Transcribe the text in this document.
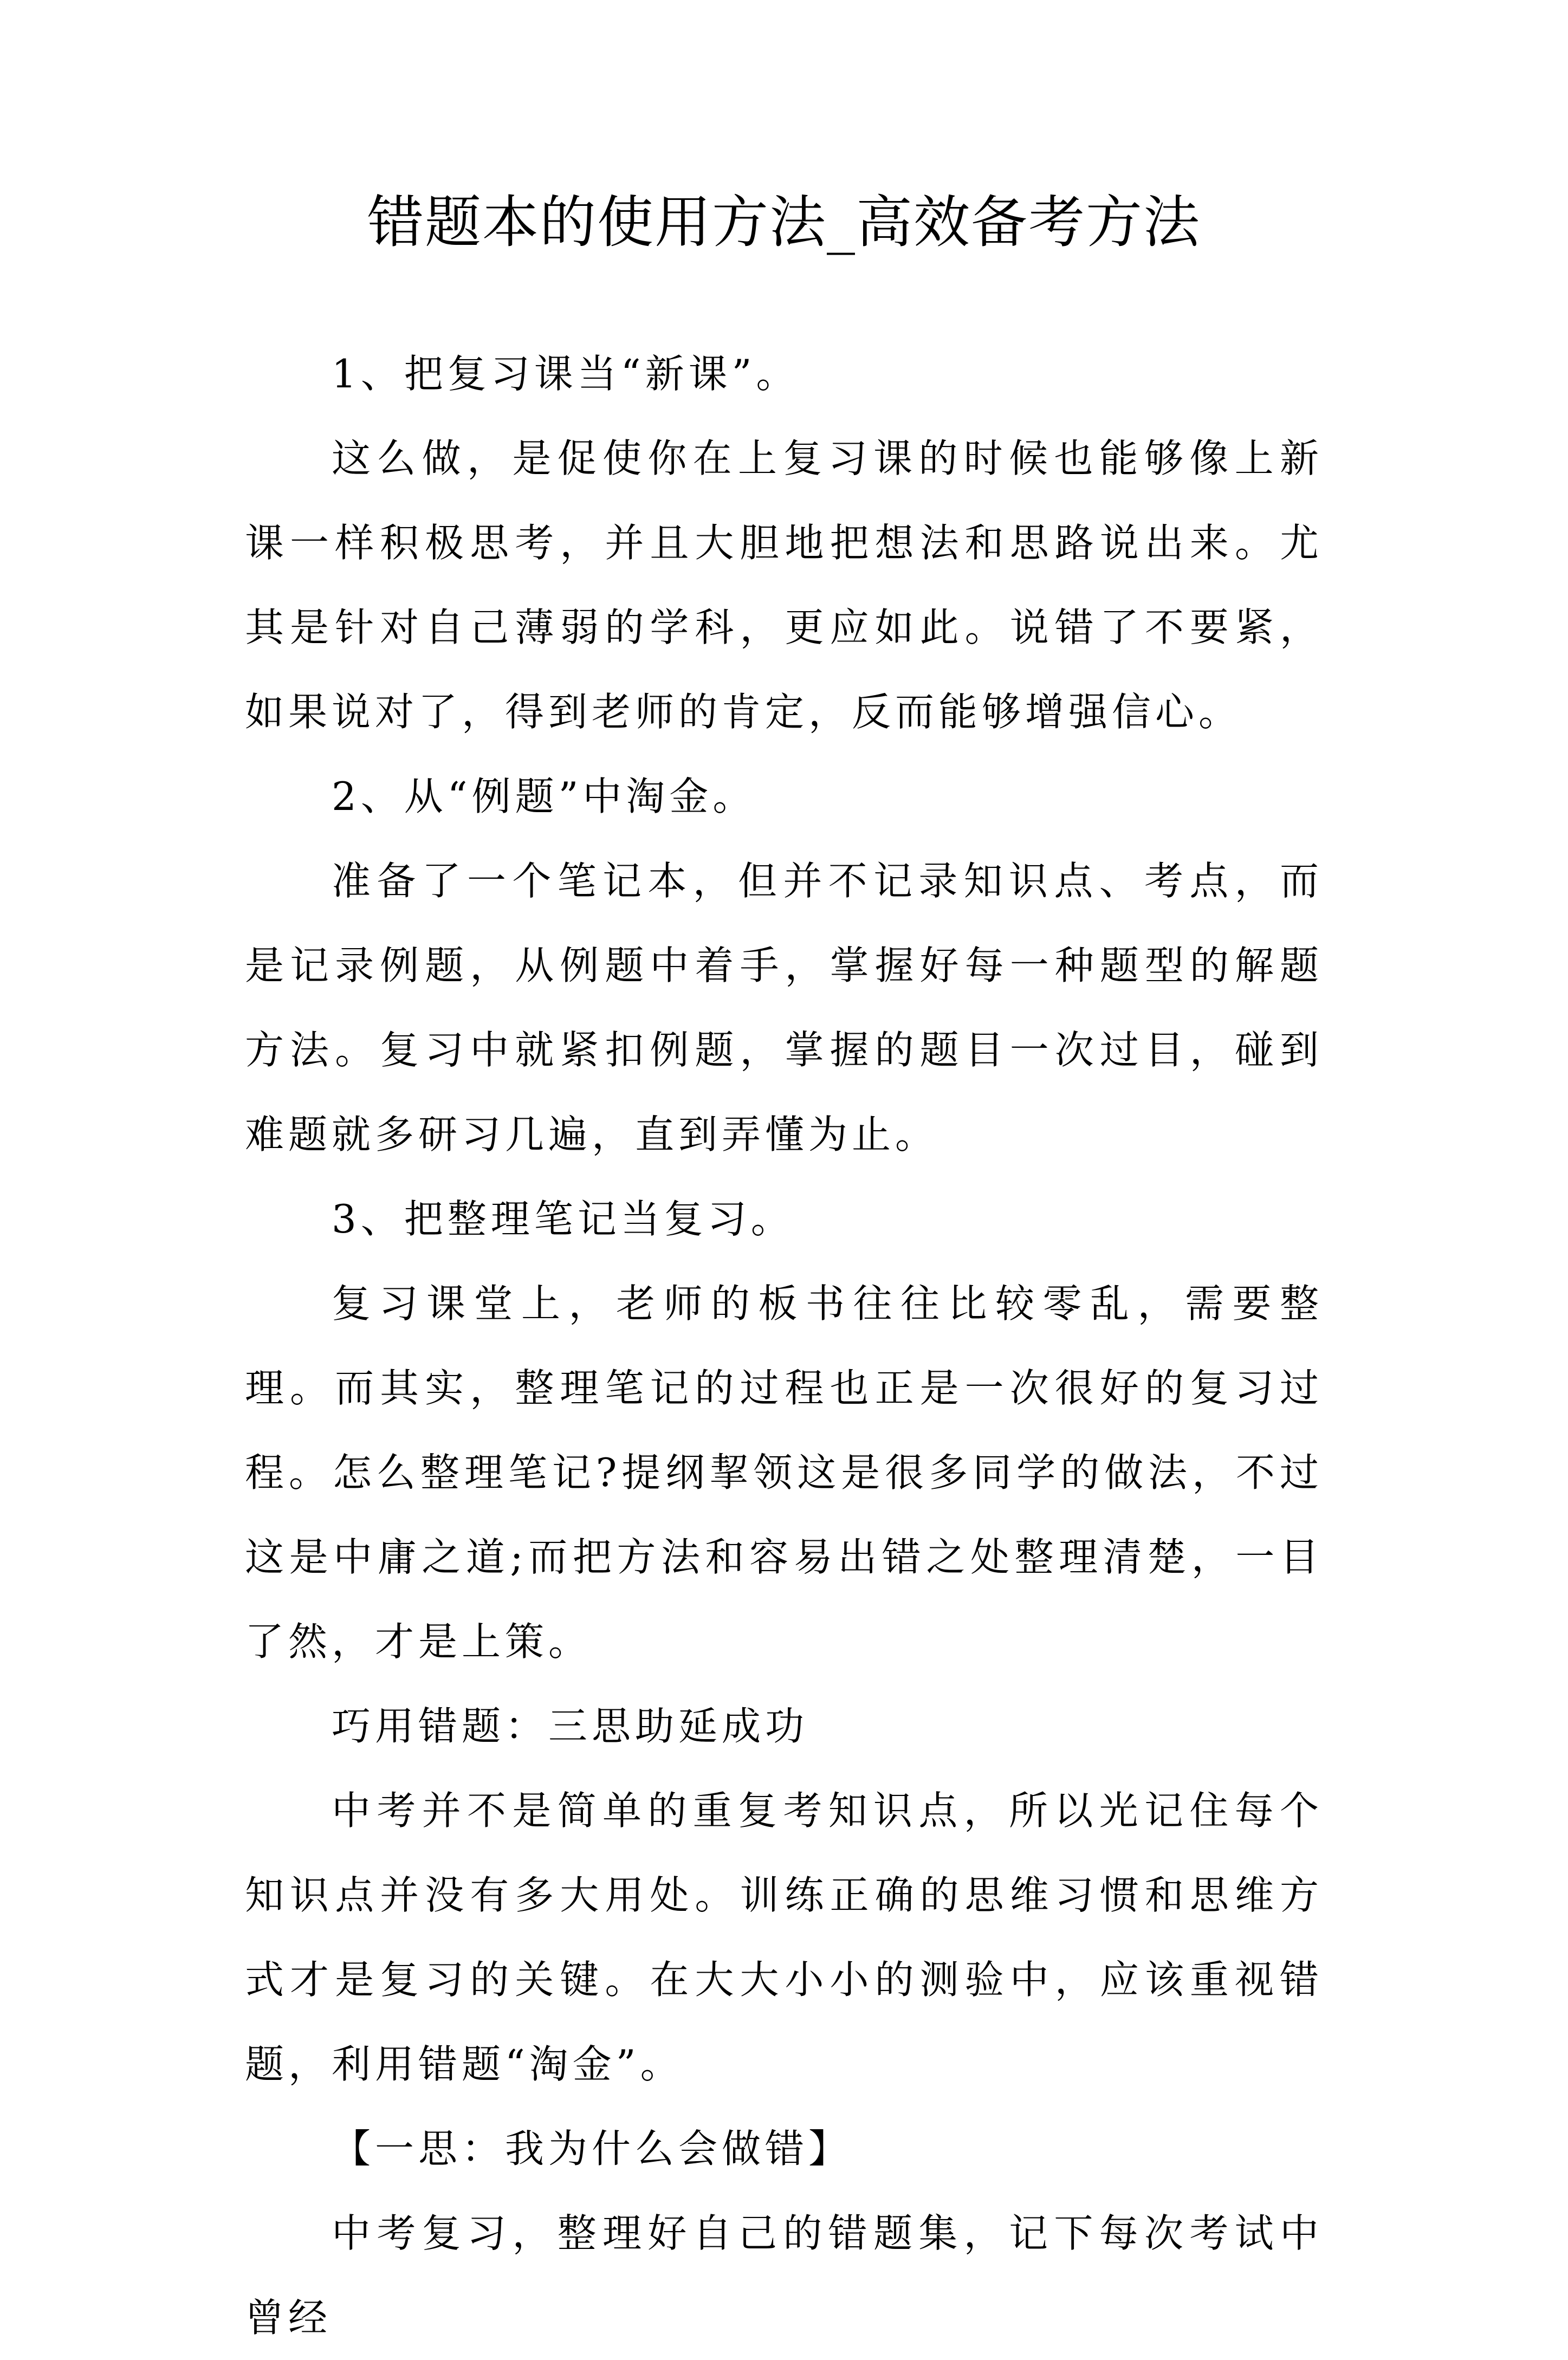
错题本的使用方法_高效备考方法

1、把复习课当“新课”。

这么做，是促使你在上复习课的时候也能够像上新课一样积极思考，并且大胆地把想法和思路说出来。尤其是针对自己薄弱的学科，更应如此。说错了不要紧，如果说对了，得到老师的肯定，反而能够增强信心。

2、从“例题”中淘金。

准备了一个笔记本，但并不记录知识点、考点，而是记录例题，从例题中着手，掌握好每一种题型的解题方法。复习中就紧扣例题，掌握的题目一次过目，碰到难题就多研习几遍，直到弄懂为止。

3、把整理笔记当复习。

复习课堂上，老师的板书往往比较零乱，需要整理。而其实，整理笔记的过程也正是一次很好的复习过程。怎么整理笔记?提纲挈领这是很多同学的做法，不过这是中庸之道;而把方法和容易出错之处整理清楚，一目了然，才是上策。

巧用错题：三思助延成功

中考并不是简单的重复考知识点，所以光记住每个知识点并没有多大用处。训练正确的思维习惯和思维方式才是复习的关键。在大大小小的测验中，应该重视错题，利用错题“淘金”。

【一思：我为什么会做错】

中考复习，整理好自己的错题集，记下每次考试中曾经
